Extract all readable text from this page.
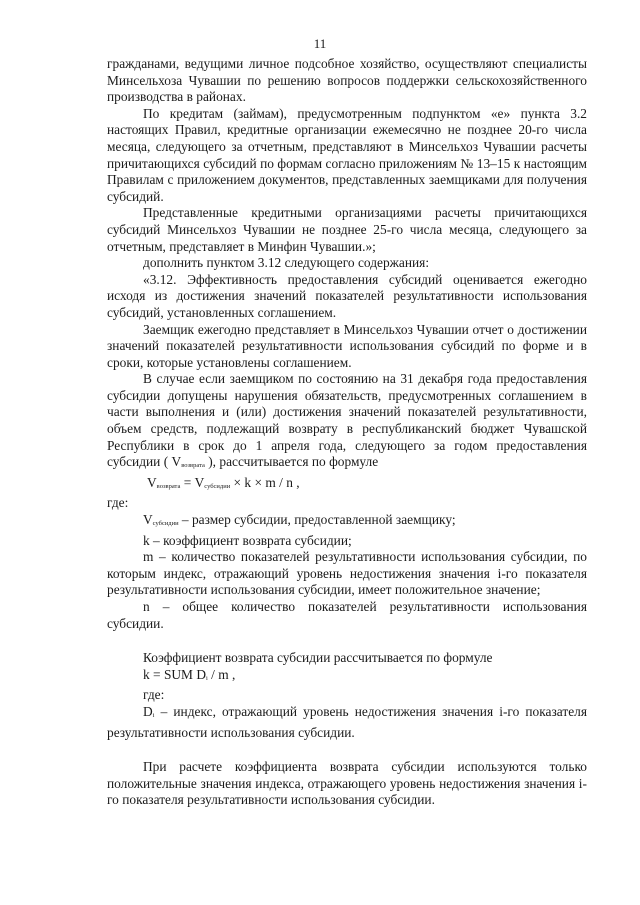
11

гражданами, ведущими личное подсобное хозяйство, осуществляют специалисты Минсельхоза Чувашии по решению вопросов поддержки сельскохозяйственного производства в районах.

По кредитам (займам), предусмотренным подпунктом «е» пункта 3.2 настоящих Правил, кредитные организации ежемесячно не позднее 20-го числа месяца, следующего за отчетным, представляют в Минсельхоз Чувашии расчеты причитающихся субсидий по формам согласно приложениям № 13–15 к настоящим Правилам с приложением документов, представленных заемщиками для получения субсидий.

Представленные кредитными организациями расчеты причитающихся субсидий Минсельхоз Чувашии не позднее 25-го числа месяца, следующего за отчетным, представляет в Минфин Чувашии.»;

дополнить пунктом 3.12 следующего содержания:

«3.12. Эффективность предоставления субсидий оценивается ежегодно исходя из достижения значений показателей результативности использования субсидий, установленных соглашением.

Заемщик ежегодно представляет в Минсельхоз Чувашии отчет о достижении значений показателей результативности использования субсидий по форме и в сроки, которые установлены соглашением.

В случае если заемщиком по состоянию на 31 декабря года предоставления субсидии допущены нарушения обязательств, предусмотренных соглашением в части выполнения и (или) достижения значений показателей результативности, объем средств, подлежащий возврату в республиканский бюджет Чувашской Республики в срок до 1 апреля года, следующего за годом предоставления субсидии ( $V_{возврата}$ ), рассчитывается по формуле

$V_{возврата} = V_{субсидии} \times k \times m / n$ ,

где:

$V_{субсидии}$ – размер субсидии, предоставленной заемщику;

k – коэффициент возврата субсидии;

m – количество показателей результативности использования субсидии, по которым индекс, отражающий уровень недостижения значения i-го показателя результативности использования субсидии, имеет положительное значение;

n – общее количество показателей результативности использования субсидии.

Коэффициент возврата субсидии рассчитывается по формуле

k = SUM $D_i$ / m ,

где:

$D_i$ – индекс, отражающий уровень недостижения значения i-го показателя результативности использования субсидии.

При расчете коэффициента возврата субсидии используются только положительные значения индекса, отражающего уровень недостижения значения i-го показателя результативности использования субсидии.
